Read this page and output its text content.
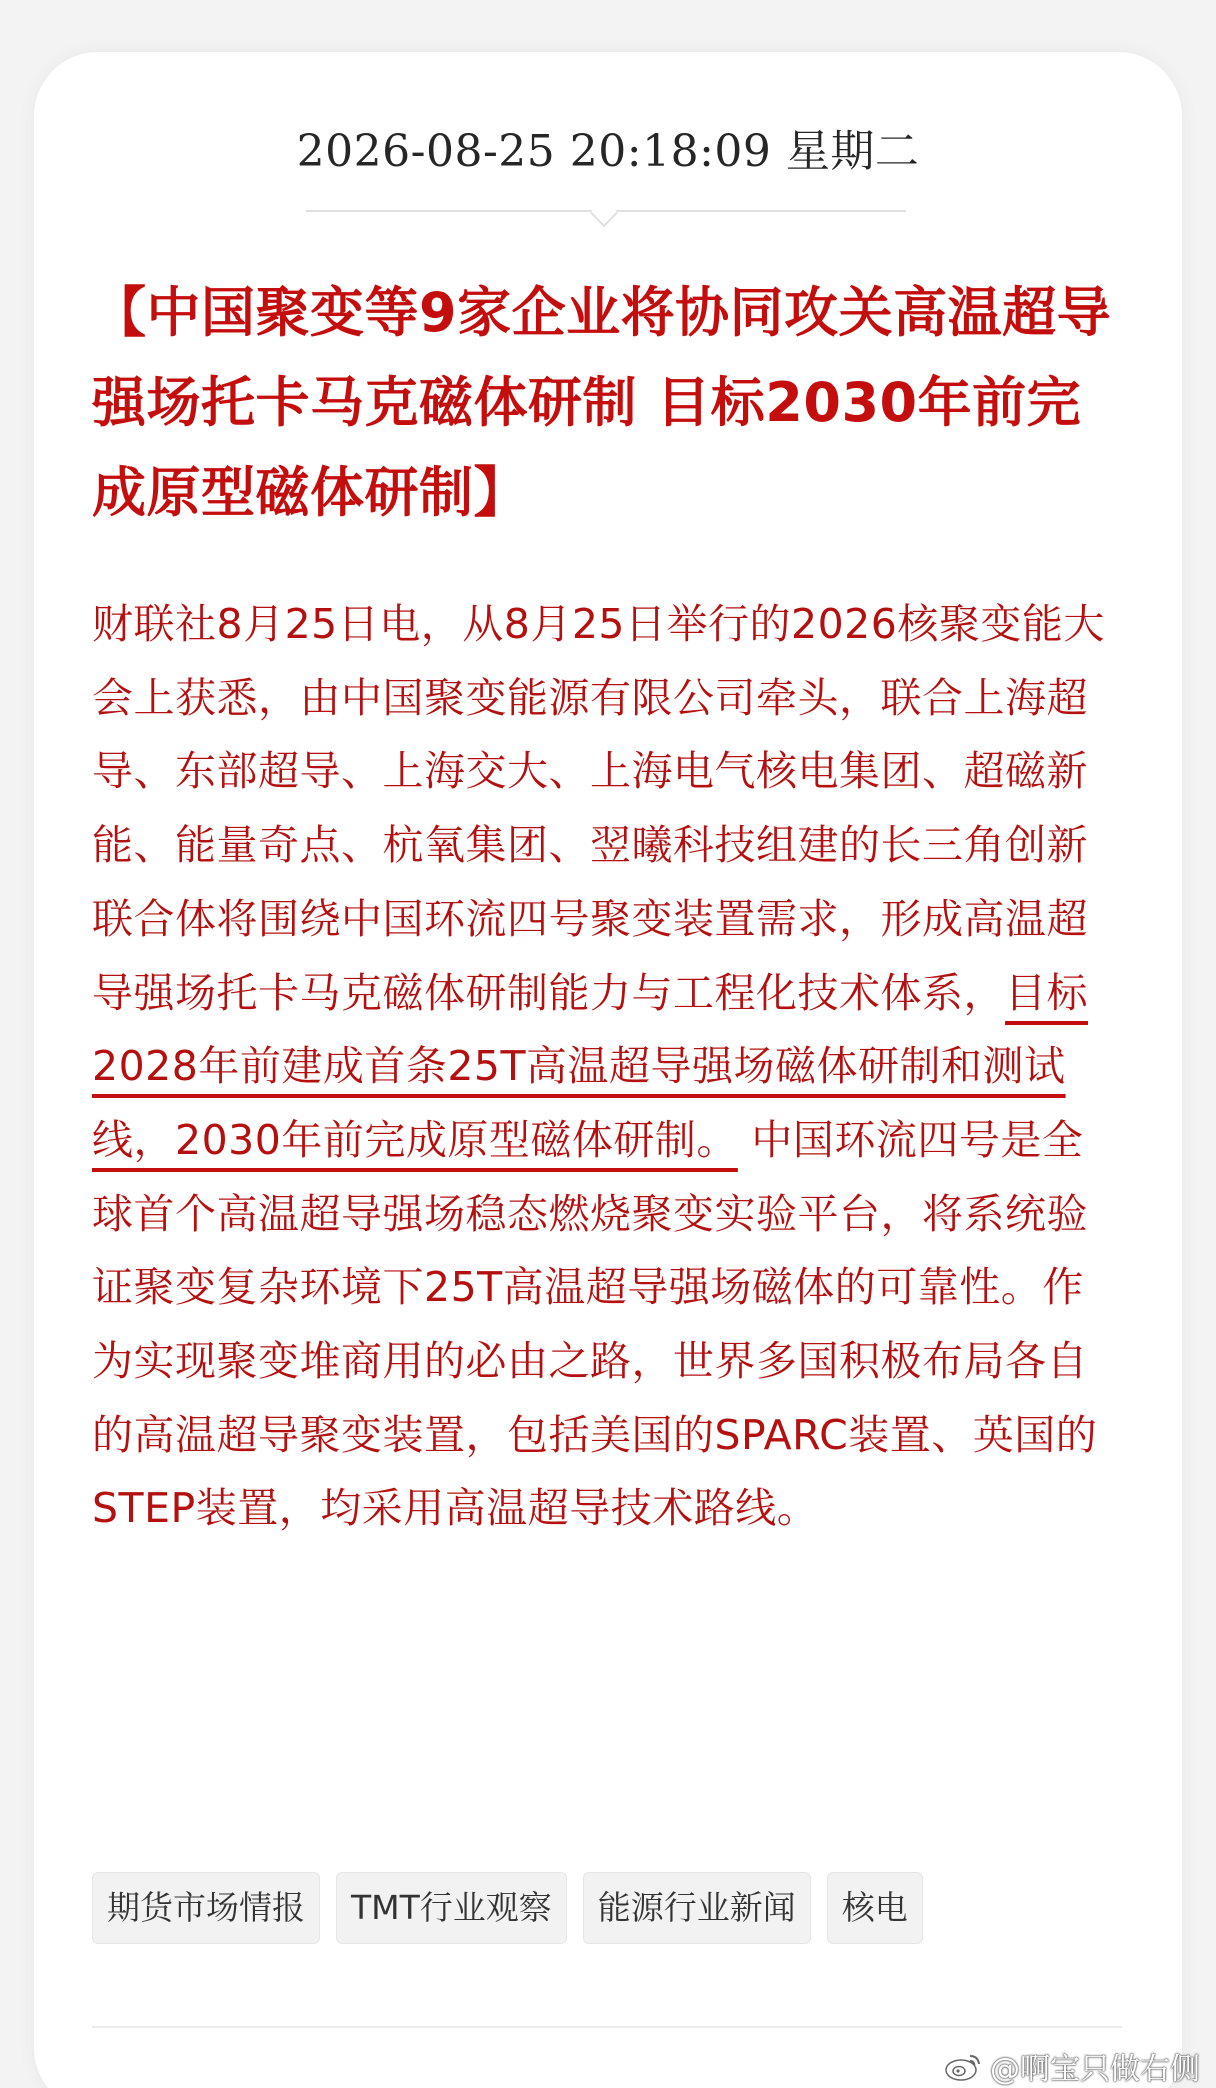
2026-08-25 20:18:09 星期二
【中国聚变等9家企业将协同攻关高温超导强场托卡马克磁体研制 目标2030年前完成原型磁体研制】

财联社8月25日电，从8月25日举行的2026核聚变能大会上获悉，由中国聚变能源有限公司牵头，联合上海超导、东部超导、上海交大、上海电气核电集团、超磁新能、能量奇点、杭氧集团、翌曦科技组建的长三角创新联合体将围绕中国环流四号聚变装置需求，形成高温超导强场托卡马克磁体研制能力与工程化技术体系，目标2028年前建成首条25T高温超导强场磁体研制和测试线，2030年前完成原型磁体研制。 中国环流四号是全球首个高温超导强场稳态燃烧聚变实验平台，将系统验证聚变复杂环境下25T高温超导强场磁体的可靠性。作为实现聚变堆商用的必由之路，世界多国积极布局各自的高温超导聚变装置，包括美国的SPARC装置、英国的STEP装置，均采用高温超导技术路线。

期货市场情报	TMT行业观察	能源行业新闻	核电
@啊宝只做右侧
